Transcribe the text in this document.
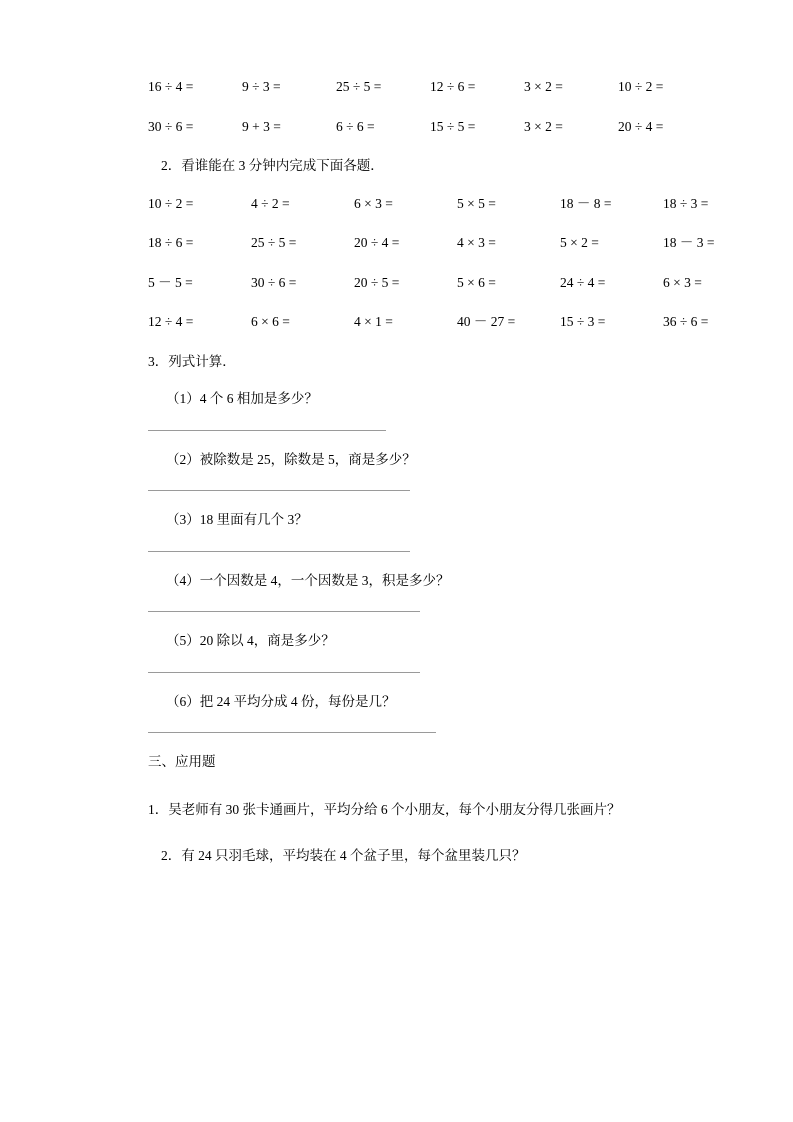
16 ÷ 4 =	9 ÷ 3 =	25 ÷ 5 =	12 ÷ 6 =	3 × 2 =	10 ÷ 2 =
30 ÷ 6 =	9 + 3 =	6 ÷ 6 =	15 ÷ 5 =	3 × 2 =	20 ÷ 4 =
2．看谁能在 3 分钟内完成下面各题．
10 ÷ 2 =	4 ÷ 2 =	6 × 3 =	5 × 5 =	18 － 8 =	18 ÷ 3 =
18 ÷ 6 =	25 ÷ 5 =	20 ÷ 4 =	4 × 3 =	5 × 2 =	18 － 3 =
5 － 5 =	30 ÷ 6 =	20 ÷ 5 =	5 × 6 =	24 ÷ 4 =	6 × 3 =
12 ÷ 4 =	6 × 6 =	4 × 1 =	40 － 27 =	15 ÷ 3 =	36 ÷ 6 =
3．列式计算．
（1）4 个 6 相加是多少？
（2）被除数是 25，除数是 5，商是多少？
（3）18 里面有几个 3？
（4）一个因数是 4，一个因数是 3，积是多少？
（5）20 除以 4，商是多少？
（6）把 24 平均分成 4 份，每份是几？
三、应用题
1．吴老师有 30 张卡通画片，平均分给 6 个小朋友，每个小朋友分得几张画片？
2．有 24 只羽毛球，平均装在 4 个盆子里，每个盆里装几只？
